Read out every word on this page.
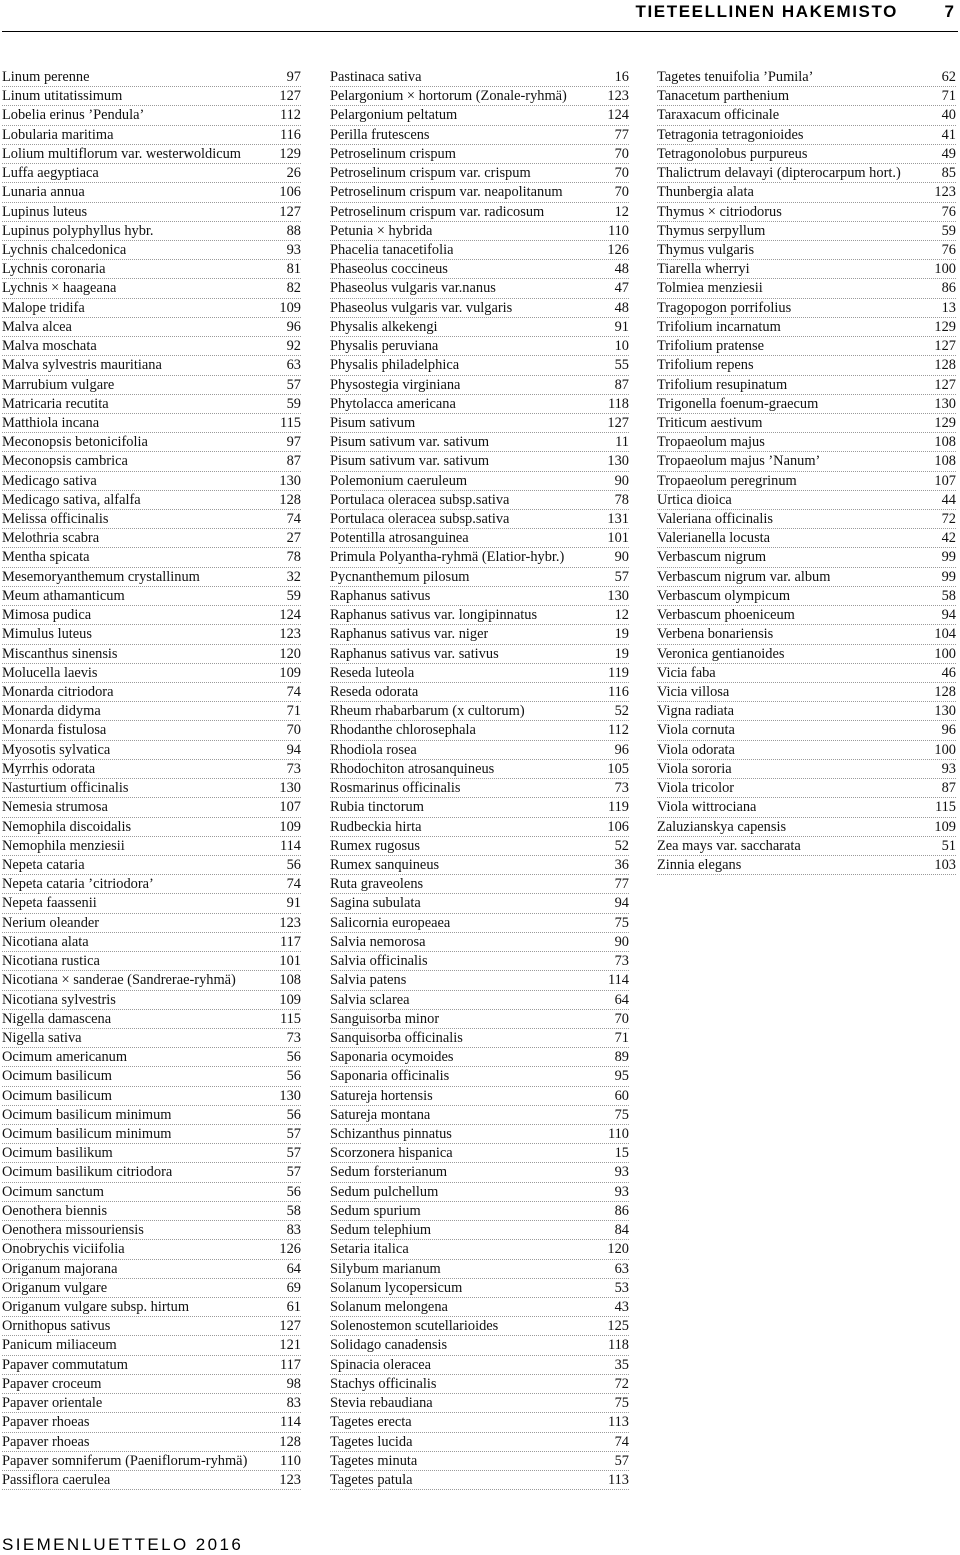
TIETEELLINEN HAKEMISTO	7
Linum perenne	97
Linum utitatissimum	127
Lobelia erinus ’Pendula’	112
Lobularia maritima	116
Lolium multiflorum var. westerwoldicum	129
Luffa aegyptiaca	26
Lunaria annua	106
Lupinus luteus	127
Lupinus polyphyllus hybr.	88
Lychnis chalcedonica	93
Lychnis coronaria	81
Lychnis × haageana	82
Malope tridifa	109
Malva alcea	96
Malva moschata	92
Malva sylvestris mauritiana	63
Marrubium vulgare	57
Matricaria recutita	59
Matthiola incana	115
Meconopsis betonicifolia	97
Meconopsis cambrica	87
Medicago sativa	130
Medicago sativa, alfalfa	128
Melissa officinalis	74
Melothria scabra	27
Mentha spicata	78
Mesemoryanthemum crystallinum	32
Meum athamanticum	59
Mimosa pudica	124
Mimulus luteus	123
Miscanthus sinensis	120
Molucella laevis	109
Monarda citriodora	74
Monarda didyma	71
Monarda fistulosa	70
Myosotis sylvatica	94
Myrrhis odorata	73
Nasturtium officinalis	130
Nemesia strumosa	107
Nemophila discoidalis	109
Nemophila menziesii	114
Nepeta cataria	56
Nepeta cataria ’citriodora’	74
Nepeta faassenii	91
Nerium oleander	123
Nicotiana alata	117
Nicotiana rustica	101
Nicotiana × sanderae (Sandrerae-ryhmä)	108
Nicotiana sylvestris	109
Nigella damascena	115
Nigella sativa	73
Ocimum americanum	56
Ocimum basilicum	56
Ocimum basilicum	130
Ocimum basilicum minimum	56
Ocimum basilicum minimum	57
Ocimum basilikum	57
Ocimum basilikum citriodora	57
Ocimum sanctum	56
Oenothera biennis	58
Oenothera missouriensis	83
Onobrychis viciifolia	126
Origanum majorana	64
Origanum vulgare	69
Origanum vulgare subsp. hirtum	61
Ornithopus sativus	127
Panicum miliaceum	121
Papaver commutatum	117
Papaver croceum	98
Papaver orientale	83
Papaver rhoeas	114
Papaver rhoeas	128
Papaver somniferum (Paeniflorum-ryhmä) 110
Passiflora caerulea	123
Pastinaca sativa	16
Pelargonium × hortorum (Zonale-ryhmä)	123
Pelargonium peltatum	124
Perilla frutescens	77
Petroselinum crispum	70
Petroselinum crispum var. crispum	70
Petroselinum crispum var. neapolitanum	70
Petroselinum crispum var. radicosum	12
Petunia × hybrida	110
Phacelia tanacetifolia	126
Phaseolus coccineus	48
Phaseolus vulgaris var.nanus	47
Phaseolus vulgaris var. vulgaris	48
Physalis alkekengi	91
Physalis peruviana	10
Physalis philadelphica	55
Physostegia virginiana	87
Phytolacca americana	118
Pisum sativum	127
Pisum sativum var. sativum	11
Pisum sativum var. sativum	130
Polemonium caeruleum	90
Portulaca oleracea subsp.sativa	78
Portulaca oleracea subsp.sativa	131
Potentilla atrosanguinea	101
Primula Polyantha-ryhmä (Elatior-hybr.)	90
Pycnanthemum pilosum	57
Raphanus sativus	130
Raphanus sativus var. longipinnatus	12
Raphanus sativus var. niger	19
Raphanus sativus var. sativus	19
Reseda luteola	119
Reseda odorata	116
Rheum rhabarbarum (x cultorum)	52
Rhodanthe chlorosephala	112
Rhodiola rosea	96
Rhodochiton atrosanquineus	105
Rosmarinus officinalis	73
Rubia tinctorum	119
Rudbeckia hirta	106
Rumex rugosus	52
Rumex sanquineus	36
Ruta graveolens	77
Sagina subulata	94
Salicornia europeaea	75
Salvia nemorosa	90
Salvia officinalis	73
Salvia patens	114
Salvia sclarea	64
Sanguisorba minor	70
Sanquisorba officinalis	71
Saponaria ocymoides	89
Saponaria officinalis	95
Satureja hortensis	60
Satureja montana	75
Schizanthus pinnatus	110
Scorzonera hispanica	15
Sedum forsterianum	93
Sedum pulchellum	93
Sedum spurium	86
Sedum telephium	84
Setaria italica	120
Silybum marianum	63
Solanum lycopersicum	53
Solanum melongena	43
Solenostemon scutellarioides	125
Solidago canadensis	118
Spinacia oleracea	35
Stachys officinalis	72
Stevia rebaudiana	75
Tagetes erecta	113
Tagetes lucida	74
Tagetes minuta	57
Tagetes patula	113
Tagetes tenuifolia ’Pumila’	62
Tanacetum parthenium	71
Taraxacum officinale	40
Tetragonia tetragonioides	41
Tetragonolobus purpureus	49
Thalictrum delavayi (dipterocarpum hort.)	85
Thunbergia alata	123
Thymus × citriodorus	76
Thymus serpyllum	59
Thymus vulgaris	76
Tiarella wherryi	100
Tolmiea menziesii	86
Tragopogon porrifolius	13
Trifolium incarnatum	129
Trifolium pratense	127
Trifolium repens	128
Trifolium resupinatum	127
Trigonella foenum-graecum	130
Triticum aestivum	129
Tropaeolum majus	108
Tropaeolum majus ’Nanum’	108
Tropaeolum peregrinum	107
Urtica dioica	44
Valeriana officinalis	72
Valerianella locusta	42
Verbascum nigrum	99
Verbascum nigrum var. album	99
Verbascum olympicum	58
Verbascum phoeniceum	94
Verbena bonariensis	104
Veronica gentianoides	100
Vicia faba	46
Vicia villosa	128
Vigna radiata	130
Viola cornuta	96
Viola odorata	100
Viola sororia	93
Viola tricolor	87
Viola wittrociana	115
Zaluzianskya capensis	109
Zea mays var. saccharata	51
Zinnia elegans	103
SIEMENLUETTELO 2016
